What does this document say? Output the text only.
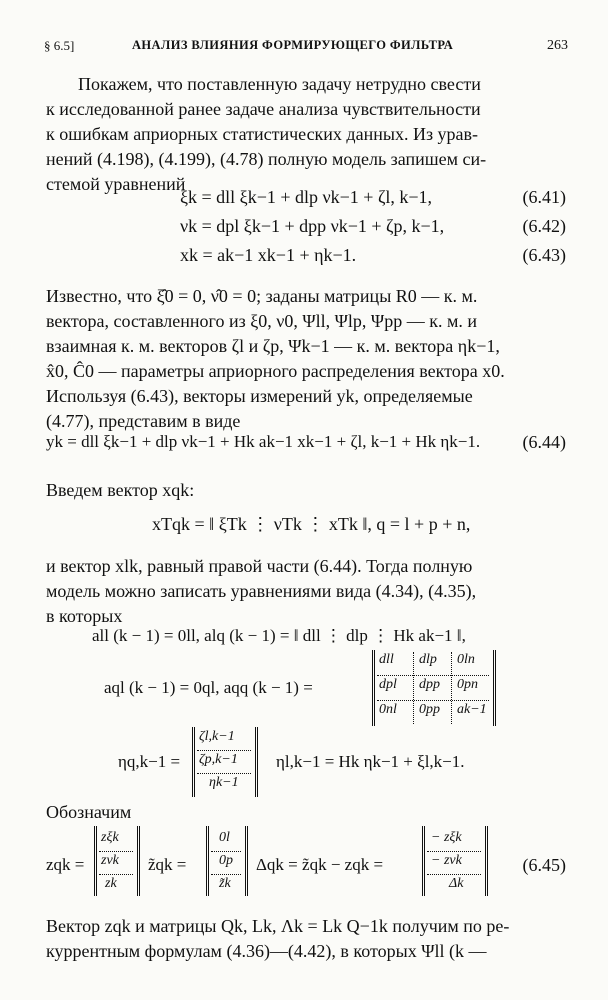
§ 6.5]	АНАЛИЗ ВЛИЯНИЯ ФОРМИРУЮЩЕГО ФИЛЬТРА	263
Покажем, что поставленную задачу нетрудно свести
к исследованной ранее задаче анализа чувствительности
к ошибкам априорных статистических данных. Из урав-
нений (4.198), (4.199), (4.78) полную модель запишем си-
стемой уравнений
ξk = dll ξk−1 + dlp νk−1 + ζl, k−1,	(6.41)
νk = dpl ξk−1 + dpp νk−1 + ζp, k−1,	(6.42)
xk = ak−1 xk−1 + ηk−1.	(6.43)
Известно, что ξ̂0 = 0, ν̂0 = 0; заданы матрицы R0 — к. м.
вектора, составленного из ξ0, ν0, Ψll, Ψlp, Ψpp — к. м. и
взаимная к. м. векторов ζl и ζp, Ψk−1 — к. м. вектора ηk−1,
x̂0, Ĉ0 — параметры априорного распределения вектора x0.
Используя (6.43), векторы измерений yk, определяемые
(4.77), представим в виде
yk = dll ξk−1 + dlp νk−1 + Hk ak−1 xk−1 + ζl, k−1 + Hk ηk−1. (6.44)
Введем вектор xqk:
xTqk = ‖ ξTk ⋮ νTk ⋮ xTk ‖, q = l + p + n,
и вектор xlk, равный правой части (6.44). Тогда полную
модель можно записать уравнениями вида (4.34), (4.35),
в которых
all (k − 1) = 0ll, alq (k − 1) = ‖ dll ⋮ dlp ⋮ Hk ak−1 ‖,
aql (k − 1) = 0ql, aqq (k − 1) =
dll dlp 0ln
dpl dpp 0pn
0nl 0pp ak−1
ηq,k−1 =
ζl,k−1
ζp,k−1
ηk−1
ηl,k−1 = Hk ηk−1 + ξl,k−1.
Обозначим
zqk =
zξk
zνk
zk
z̃qk =
0l
0p
z̃k
Δqk = z̃qk − zqk =
− zξk
− zνk
Δk
(6.45)
Вектор zqk и матрицы Qk, Lk, Λk = Lk Q−1k получим по ре-
куррентным формулам (4.36)—(4.42), в которых Ψll (k —
